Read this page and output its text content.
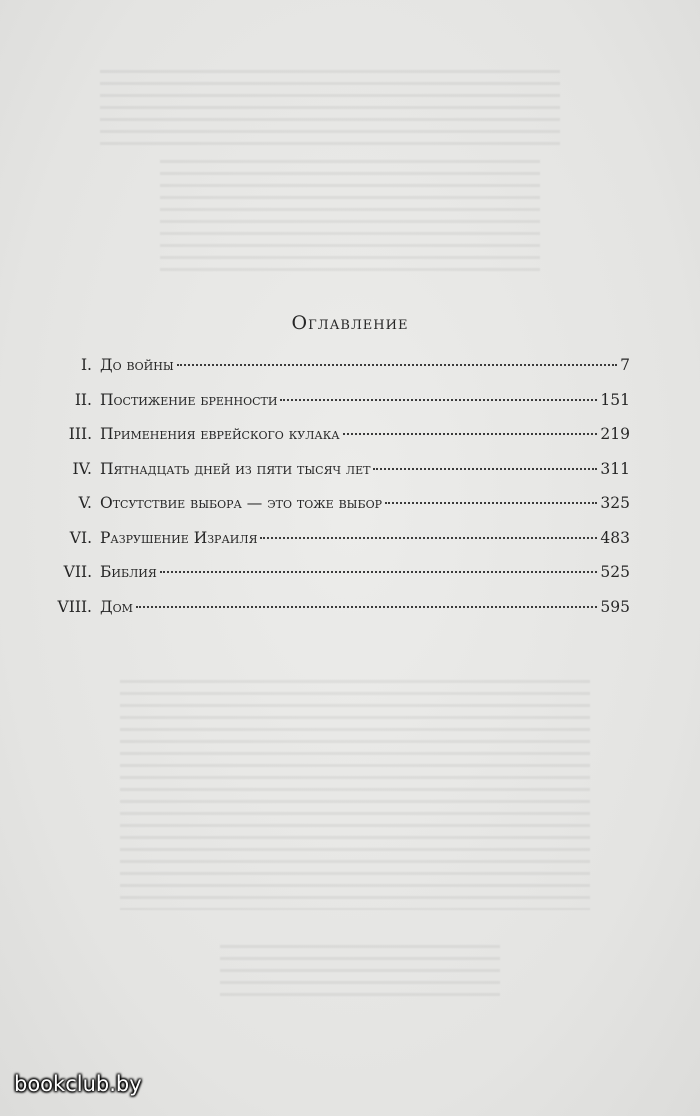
Оглавление
I. До войны	7
II. Постижение бренности	151
III. Применения еврейского кулака	219
IV. Пятнадцать дней из пяти тысяч лет	311
V. Отсутствие выбора — это тоже выбор	325
VI. Разрушение Израиля	483
VII. Библия	525
VIII. Дом	595
bookclub.by
